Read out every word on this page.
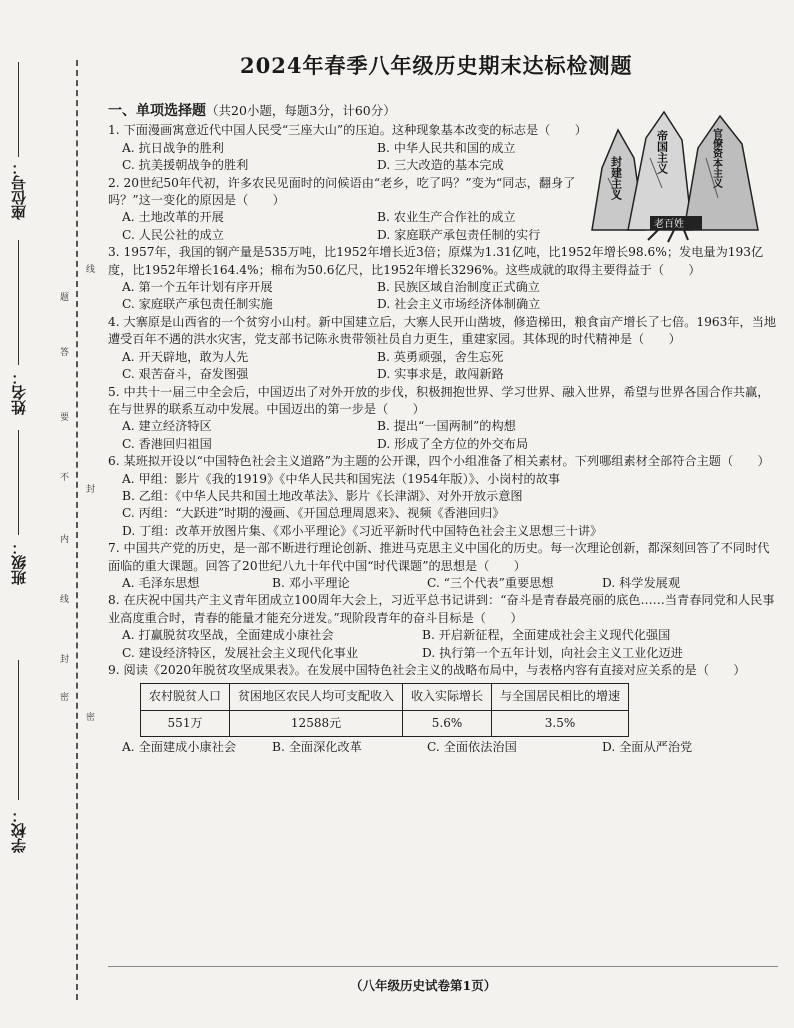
座位号：
姓名：
班级：
学校：
题
答
要
不
内
线
封
密
线
封
密
2024年春季八年级历史期末达标检测题
封建主义
帝国主义	官僚资本主义
老百姓
一、单项选择题（共20小题，每题3分，计60分）

1. 下面漫画寓意近代中国人民受“三座大山”的压迫。这种现象基本改变的标志是（　　）

A. 抗日战争的胜利	B. 中华人民共和国的成立
C. 抗美援朝战争的胜利	D. 三大改造的基本完成

2. 20世纪50年代初，许多农民见面时的问候语由“老乡，吃了吗？”变为“同志，翻身了吗？”这一变化的原因是（　　）

A. 土地改革的开展	B. 农业生产合作社的成立
C. 人民公社的成立	D. 家庭联产承包责任制的实行

3. 1957年，我国的钢产量是535万吨，比1952年增长近3倍；原煤为1.31亿吨，比1952年增长98.6%；发电量为193亿度，比1952年增长164.4%；棉布为50.6亿尺，比1952年增长3296%。这些成就的取得主要得益于（　　）

A. 第一个五年计划有序开展	B. 民族区域自治制度正式确立
C. 家庭联产承包责任制实施	D. 社会主义市场经济体制确立

4. 大寨原是山西省的一个贫穷小山村。新中国建立后，大寨人民开山凿坡，修造梯田，粮食亩产增长了七倍。1963年，当地遭受百年不遇的洪水灾害，党支部书记陈永贵带领社员自力更生，重建家园。其体现的时代精神是（　　）

A. 开天辟地，敢为人先	B. 英勇顽强，舍生忘死
C. 艰苦奋斗，奋发图强	D. 实事求是，敢闯新路

5. 中共十一届三中全会后，中国迈出了对外开放的步伐，积极拥抱世界、学习世界、融入世界，希望与世界各国合作共赢，在与世界的联系互动中发展。中国迈出的第一步是（　　）

A. 建立经济特区	B. 提出“一国两制”的构想
C. 香港回归祖国	D. 形成了全方位的外交布局

6. 某班拟开设以“中国特色社会主义道路”为主题的公开课，四个小组准备了相关素材。下列哪组素材全部符合主题（　　）

A. 甲组：影片《我的1919》《中华人民共和国宪法（1954年版）》、小岗村的故事
B. 乙组：《中华人民共和国土地改革法》、影片《长津湖》、对外开放示意图
C. 丙组：“大跃进”时期的漫画、《开国总理周恩来》、视频《香港回归》
D. 丁组：改革开放图片集、《邓小平理论》《习近平新时代中国特色社会主义思想三十讲》

7. 中国共产党的历史，是一部不断进行理论创新、推进马克思主义中国化的历史。每一次理论创新，都深刻回答了不同时代面临的重大课题。回答了20世纪八九十年代中国“时代课题”的思想是（　　）

A. 毛泽东思想	B. 邓小平理论	C. “三个代表”重要思想	D. 科学发展观

8. 在庆祝中国共产主义青年团成立100周年大会上，习近平总书记讲到：“奋斗是青春最亮丽的底色……当青春同党和人民事业高度重合时，青春的能量才能充分迸发。”现阶段青年的奋斗目标是（　　）

A. 打赢脱贫攻坚战，全面建成小康社会	B. 开启新征程，全面建成社会主义现代化强国
C. 建设经济特区，发展社会主义现代化事业	D. 执行第一个五年计划，向社会主义工业化迈进

9. 阅读《2020年脱贫攻坚成果表》。在发展中国特色社会主义的战略布局中，与表格内容有直接对应关系的是（　　）

农村脱贫人口	贫困地区农民人均可支配收入	收入实际增长	与全国居民相比的增速
551万	12588元	5.6%	3.5%
A. 全面建成小康社会	B. 全面深化改革	C. 全面依法治国	D. 全面从严治党
（八年级历史试卷第1页）
